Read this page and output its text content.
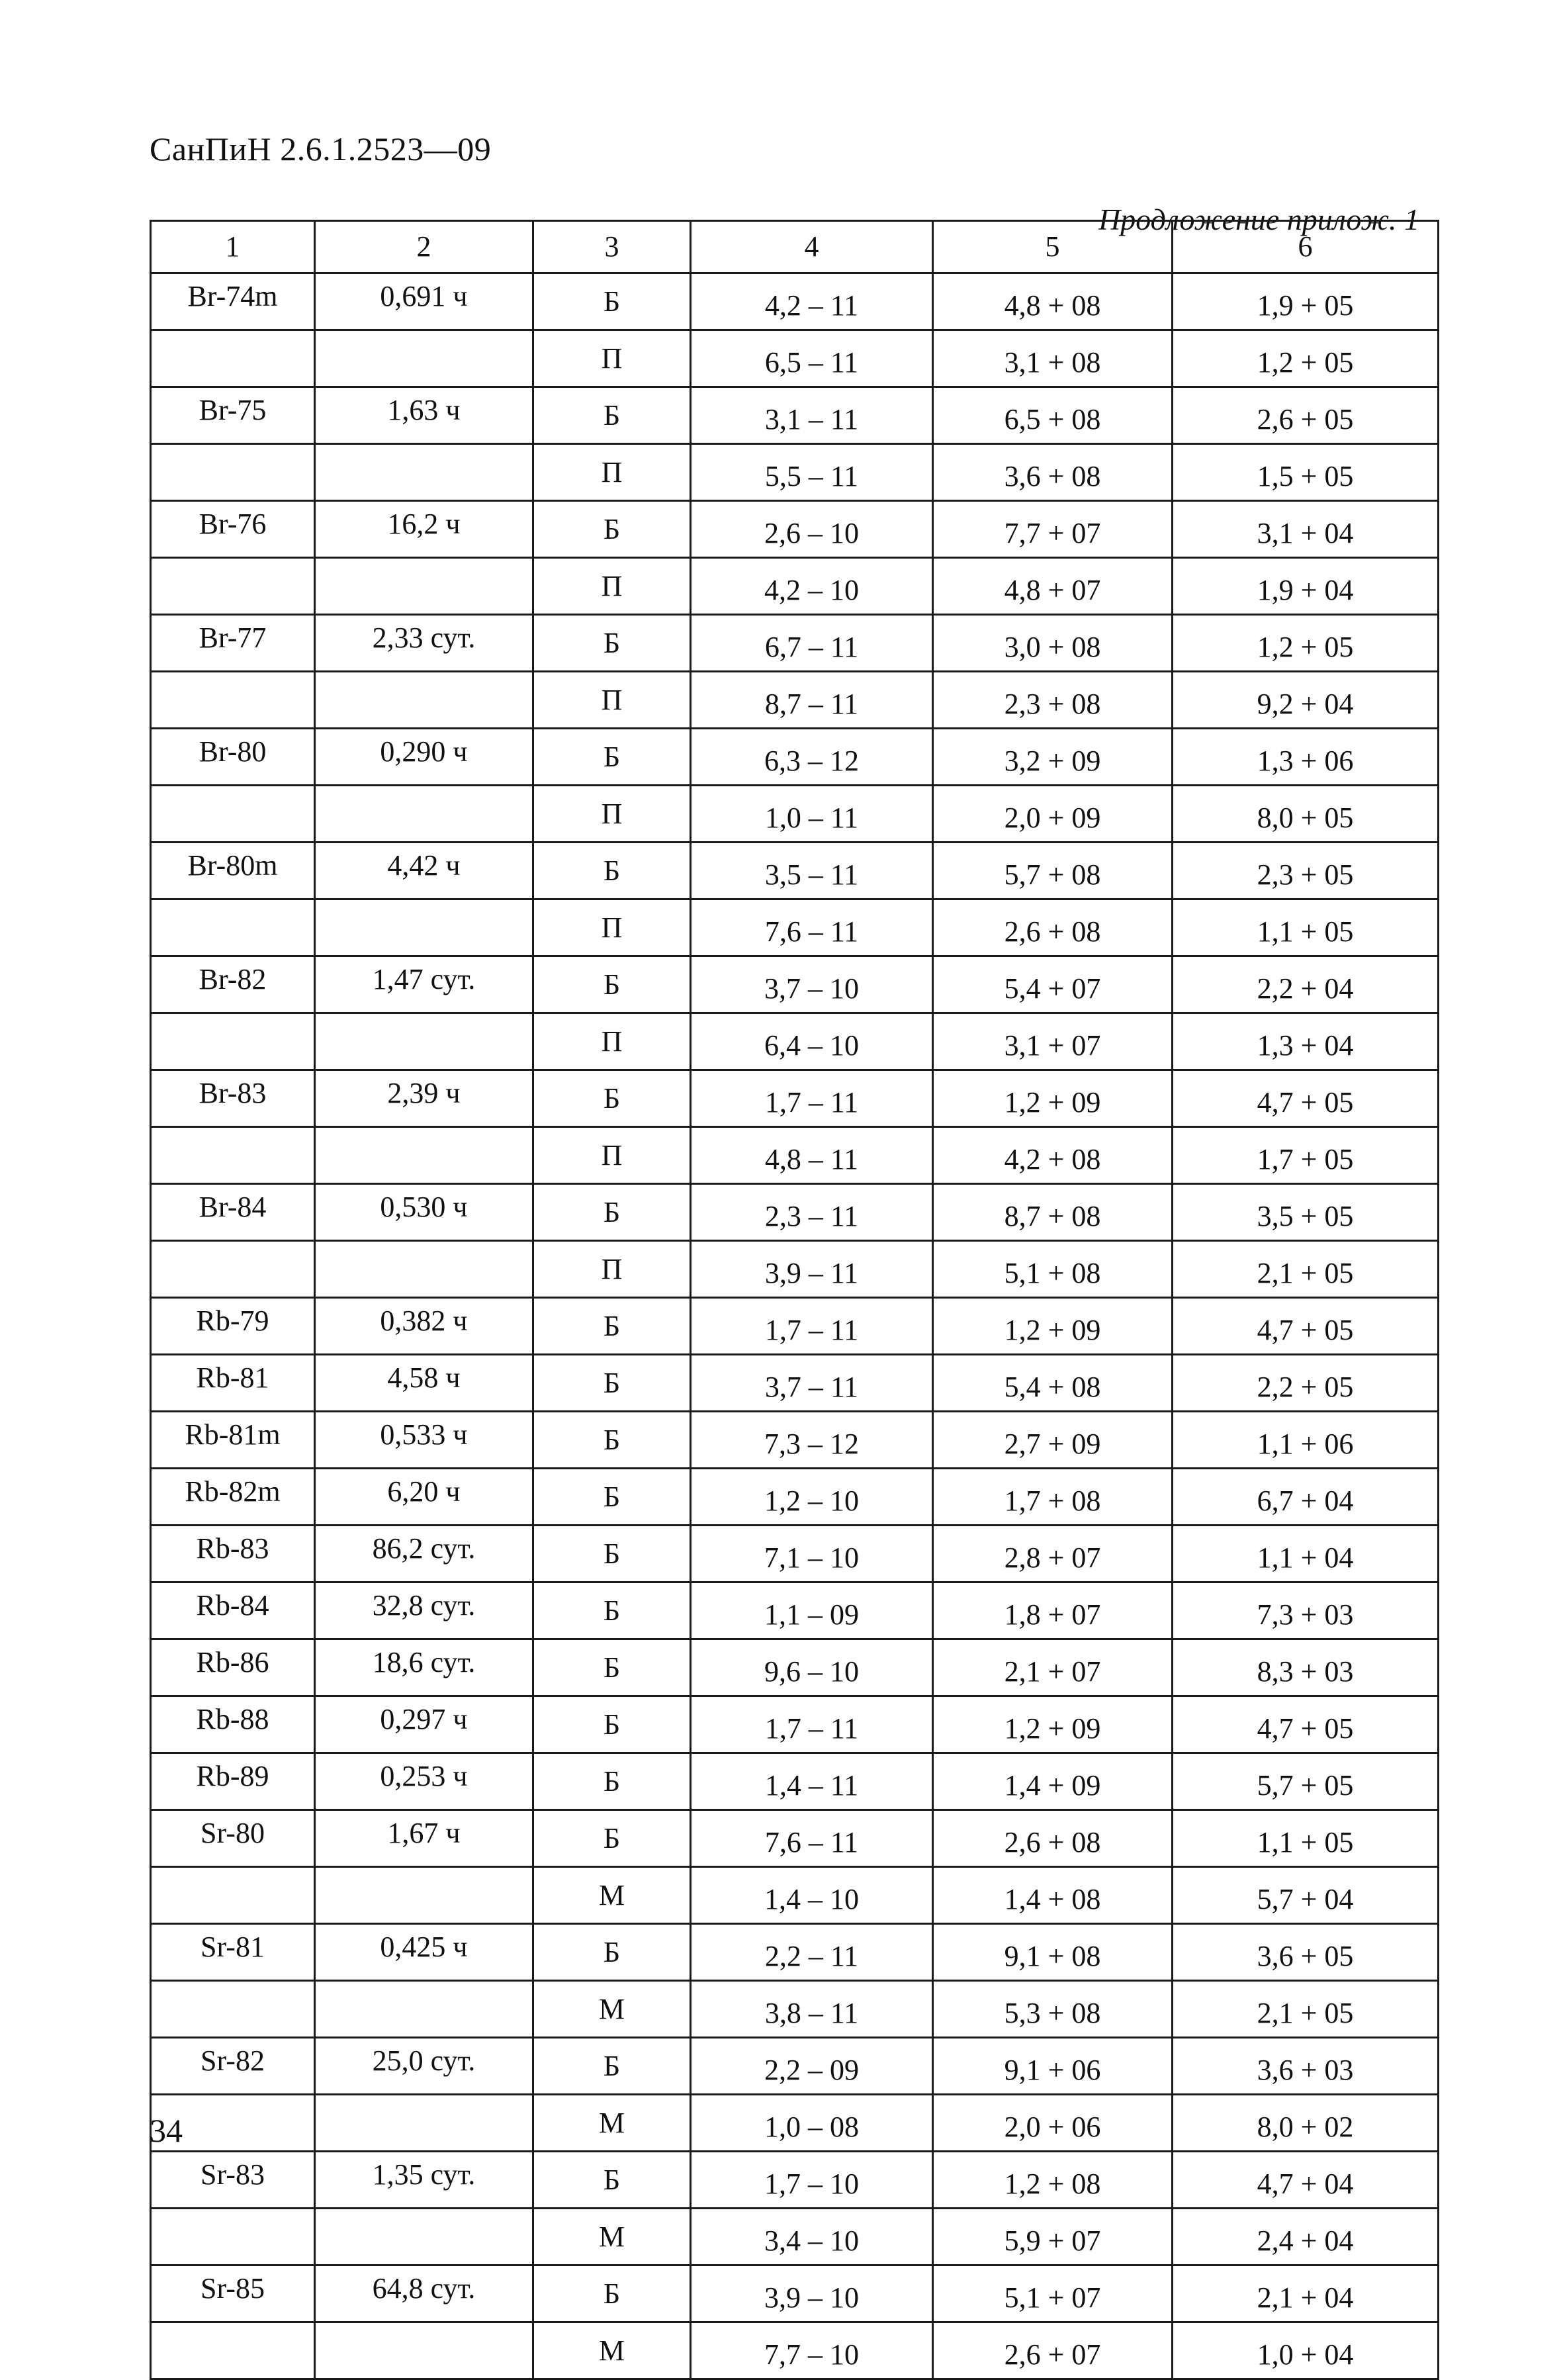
СанПиН 2.6.1.2523—09
Продложение прилож. 1
1	2	3	4	5	6
Br-74m	0,691 ч	Б	4,2 – 11	4,8 + 08	1,9 + 05
		П	6,5 – 11	3,1 + 08	1,2 + 05
Br-75	1,63 ч	Б	3,1 – 11	6,5 + 08	2,6 + 05
		П	5,5 – 11	3,6 + 08	1,5 + 05
Br-76	16,2 ч	Б	2,6 – 10	7,7 + 07	3,1 + 04
		П	4,2 – 10	4,8 + 07	1,9 + 04
Br-77	2,33 сут.	Б	6,7 – 11	3,0 + 08	1,2 + 05
		П	8,7 – 11	2,3 + 08	9,2 + 04
Br-80	0,290 ч	Б	6,3 – 12	3,2 + 09	1,3 + 06
		П	1,0 – 11	2,0 + 09	8,0 + 05
Br-80m	4,42 ч	Б	3,5 – 11	5,7 + 08	2,3 + 05
		П	7,6 – 11	2,6 + 08	1,1 + 05
Br-82	1,47 сут.	Б	3,7 – 10	5,4 + 07	2,2 + 04
		П	6,4 – 10	3,1 + 07	1,3 + 04
Br-83	2,39 ч	Б	1,7 – 11	1,2 + 09	4,7 + 05
		П	4,8 – 11	4,2 + 08	1,7 + 05
Br-84	0,530 ч	Б	2,3 – 11	8,7 + 08	3,5 + 05
		П	3,9 – 11	5,1 + 08	2,1 + 05
Rb-79	0,382 ч	Б	1,7 – 11	1,2 + 09	4,7 + 05
Rb-81	4,58 ч	Б	3,7 – 11	5,4 + 08	2,2 + 05
Rb-81m	0,533 ч	Б	7,3 – 12	2,7 + 09	1,1 + 06
Rb-82m	6,20 ч	Б	1,2 – 10	1,7 + 08	6,7 + 04
Rb-83	86,2 сут.	Б	7,1 – 10	2,8 + 07	1,1 + 04
Rb-84	32,8 сут.	Б	1,1 – 09	1,8 + 07	7,3 + 03
Rb-86	18,6 сут.	Б	9,6 – 10	2,1 + 07	8,3 + 03
Rb-88	0,297 ч	Б	1,7 – 11	1,2 + 09	4,7 + 05
Rb-89	0,253 ч	Б	1,4 – 11	1,4 + 09	5,7 + 05
Sr-80	1,67 ч	Б	7,6 – 11	2,6 + 08	1,1 + 05
		М	1,4 – 10	1,4 + 08	5,7 + 04
Sr-81	0,425 ч	Б	2,2 – 11	9,1 + 08	3,6 + 05
		М	3,8 – 11	5,3 + 08	2,1 + 05
Sr-82	25,0 сут.	Б	2,2 – 09	9,1 + 06	3,6 + 03
		М	1,0 – 08	2,0 + 06	8,0 + 02
Sr-83	1,35 сут.	Б	1,7 – 10	1,2 + 08	4,7 + 04
		М	3,4 – 10	5,9 + 07	2,4 + 04
Sr-85	64,8 сут.	Б	3,9 – 10	5,1 + 07	2,1 + 04
		М	7,7 – 10	2,6 + 07	1,0 + 04
34
